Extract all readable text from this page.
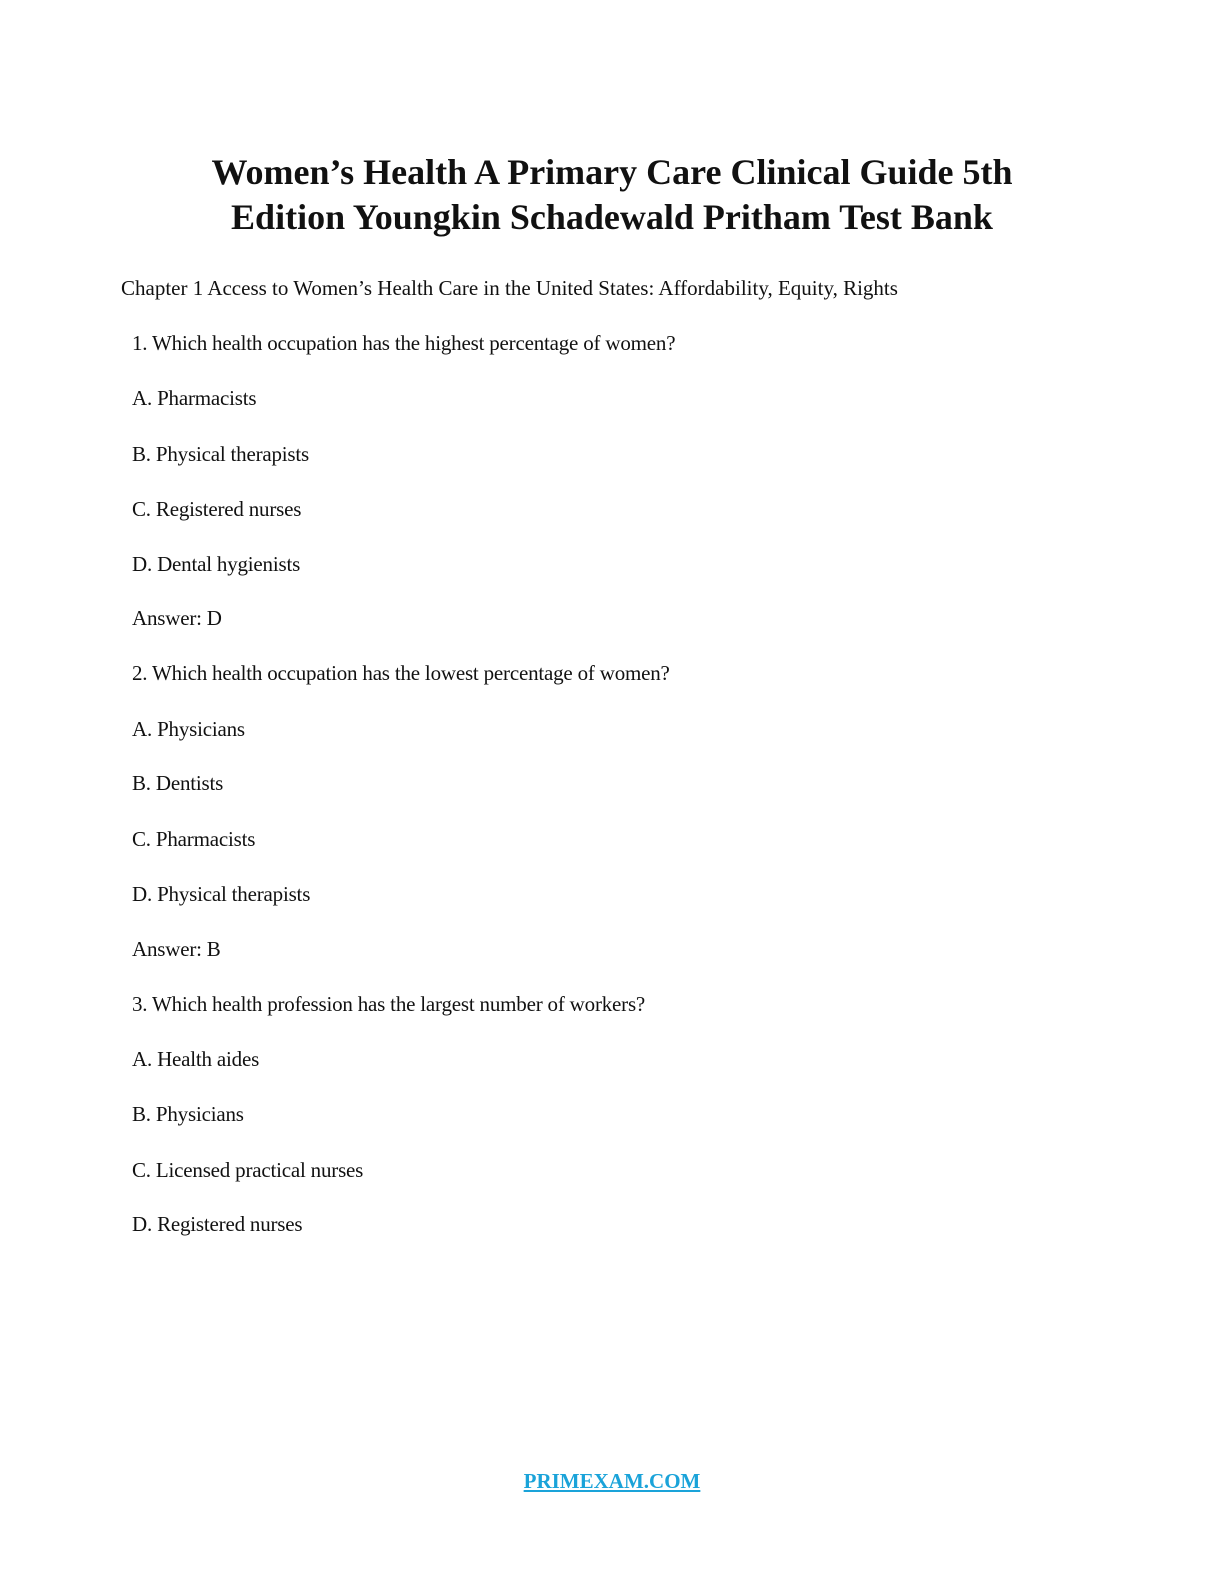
Women’s Health A Primary Care Clinical Guide 5th
Edition Youngkin Schadewald Pritham Test Bank
Chapter 1 Access to Women’s Health Care in the United States: Affordability, Equity, Rights
1. Which health occupation has the highest percentage of women?
A. Pharmacists
B. Physical therapists
C. Registered nurses
D. Dental hygienists
Answer: D
2. Which health occupation has the lowest percentage of women?
A. Physicians
B. Dentists
C. Pharmacists
D. Physical therapists
Answer: B
3. Which health profession has the largest number of workers?
A. Health aides
B. Physicians
C. Licensed practical nurses
D. Registered nurses
PRIMEXAM.COM
